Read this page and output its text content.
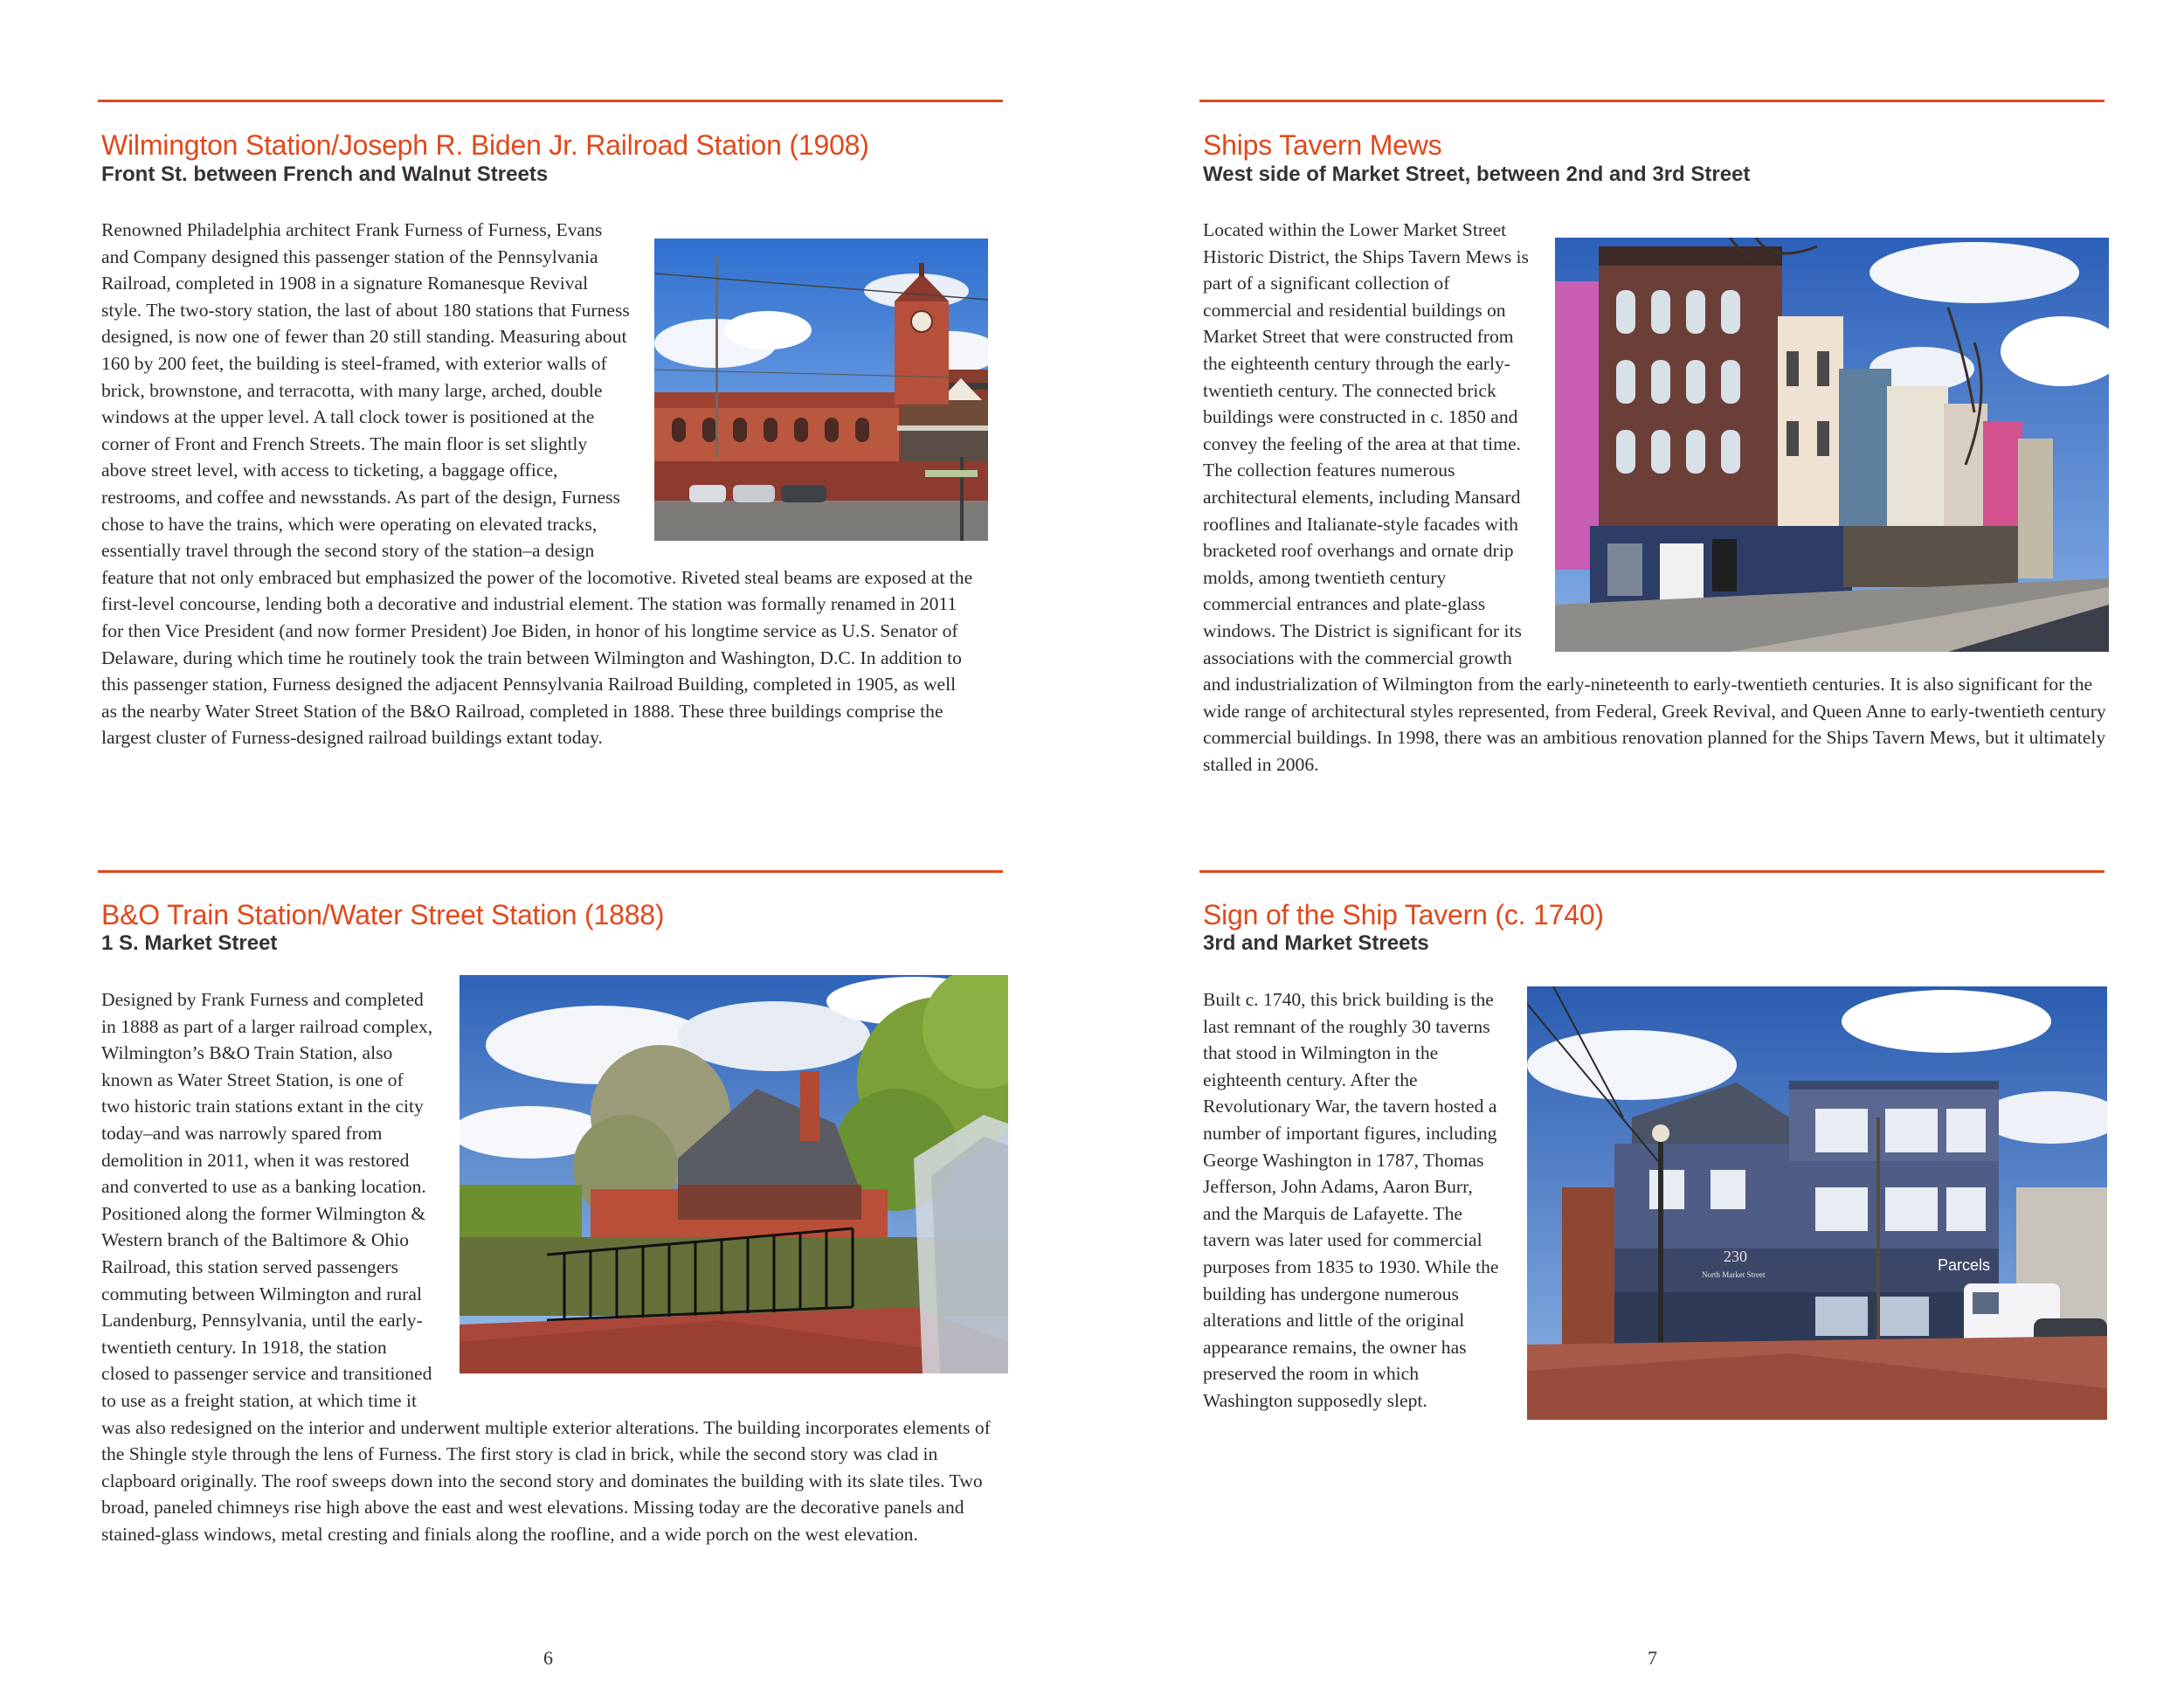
Wilmington Station/Joseph R. Biden Jr. Railroad Station (1908)
Front St. between French and Walnut Streets
Renowned Philadelphia architect Frank Furness of Furness, Evans and Company designed this passenger station of the Pennsylvania Railroad, completed in 1908 in a signature Romanesque Revival style. The two-story station, the last of about 180 stations that Furness designed, is now one of fewer than 20 still standing. Measuring about 160 by 200 feet, the building is steel-framed, with exterior walls of brick, brownstone, and terracotta, with many large, arched, double windows at the upper level. A tall clock tower is positioned at the corner of Front and French Streets. The main floor is set slightly above street level, with access to ticketing, a baggage office, restrooms, and coffee and newsstands. As part of the design, Furness chose to have the trains, which were operating on elevated tracks, essentially travel through the second story of the station–a design feature that not only embraced but emphasized the power of the locomotive. Riveted steal beams are exposed at the first-level concourse, lending both a decorative and industrial element. The station was formally renamed in 2011 for then Vice President (and now former President) Joe Biden, in honor of his longtime service as U.S. Senator of Delaware, during which time he routinely took the train between Wilmington and Washington, D.C. In addition to this passenger station, Furness designed the adjacent Pennsylvania Railroad Building, completed in 1905, as well as the nearby Water Street Station of the B&O Railroad, completed in 1888. These three buildings comprise the largest cluster of Furness-designed railroad buildings extant today.
B&O Train Station/Water Street Station (1888)
1 S. Market Street
Designed by Frank Furness and completed in 1888 as part of a larger railroad complex, Wilmington’s B&O Train Station, also known as Water Street Station, is one of two historic train stations extant in the city today–and was narrowly spared from demolition in 2011, when it was restored and converted to use as a banking location. Positioned along the former Wilmington & Western branch of the Baltimore & Ohio Railroad, this station served passengers commuting between Wilmington and rural Landenburg, Pennsylvania, until the early-twentieth century. In 1918, the station closed to passenger service and transitioned to use as a freight station, at which time it was also redesigned on the interior and underwent multiple exterior alterations. The building incorporates elements of the Shingle style through the lens of Furness. The first story is clad in brick, while the second story was clad in clapboard originally. The roof sweeps down into the second story and dominates the building with its slate tiles. Two broad, paneled chimneys rise high above the east and west elevations. Missing today are the decorative panels and stained-glass windows, metal cresting and finials along the roofline, and a wide porch on the west elevation.
6
Ships Tavern Mews
West side of Market Street, between 2nd and 3rd Street
Located within the Lower Market Street Historic District, the Ships Tavern Mews is part of a significant collection of commercial and residential buildings on Market Street that were constructed from the eighteenth century through the early-twentieth century. The connected brick buildings were constructed in c. 1850 and convey the feeling of the area at that time. The collection features numerous architectural elements, including Mansard rooflines and Italianate-style facades with bracketed roof overhangs and ornate drip molds, among twentieth century commercial entrances and plate-glass windows. The District is significant for its associations with the commercial growth and industrialization of Wilmington from the early-nineteenth to early-twentieth centuries. It is also significant for the wide range of architectural styles represented, from Federal, Greek Revival, and Queen Anne to early-twentieth century commercial buildings. In 1998, there was an ambitious renovation planned for the Ships Tavern Mews, but it ultimately stalled in 2006.
Sign of the Ship Tavern (c. 1740)
3rd and Market Streets
230
North Market Street
Parcels
Built c. 1740, this brick building is the last remnant of the roughly 30 taverns that stood in Wilmington in the eighteenth century. After the Revolutionary War, the tavern hosted a number of important figures, including George Washington in 1787, Thomas Jefferson, John Adams, Aaron Burr, and the Marquis de Lafayette. The tavern was later used for commercial purposes from 1835 to 1930. While the building has undergone numerous alterations and little of the original appearance remains, the owner has preserved the room in which Washington supposedly slept.
7
